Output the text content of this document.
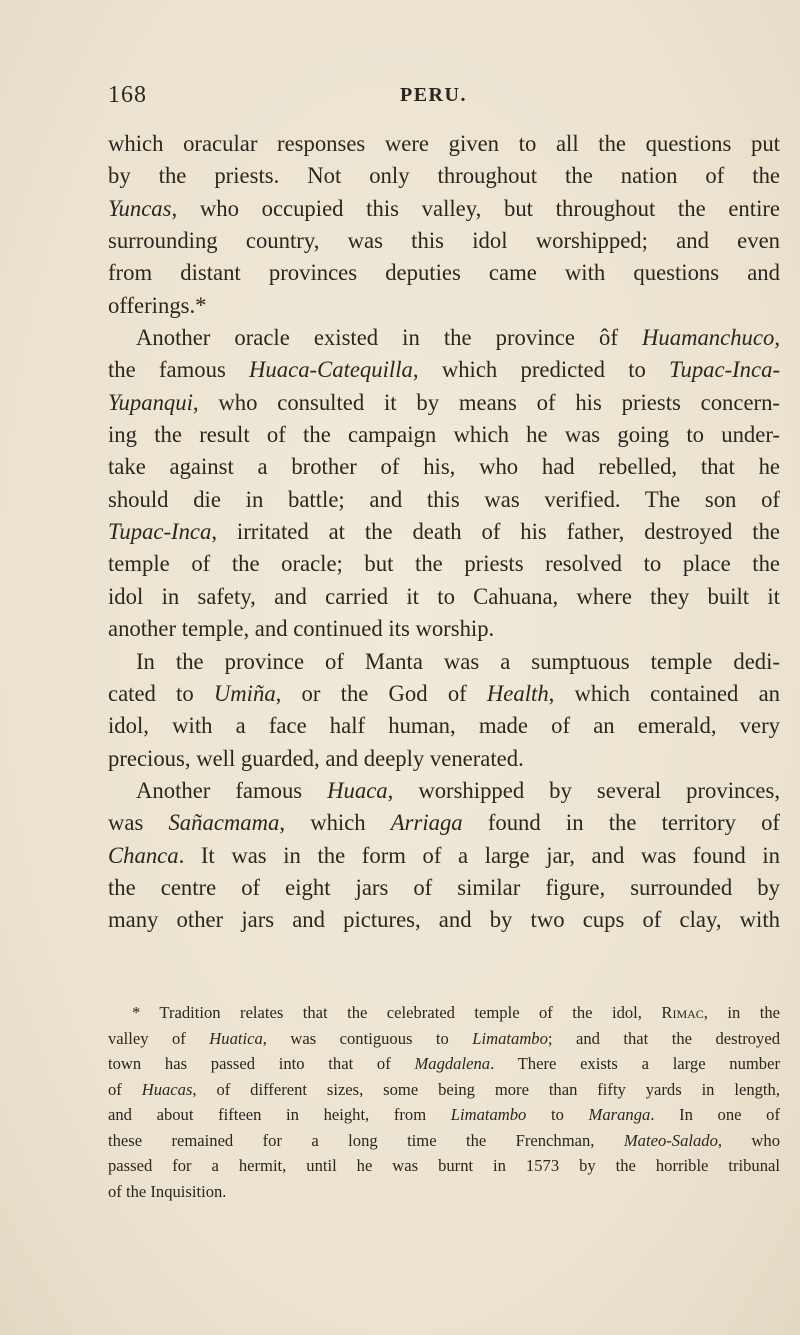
168	PERU.
which oracular responses were given to all the questions put
by the priests. Not only throughout the nation of the
Yuncas, who occupied this valley, but throughout the entire
surrounding country, was this idol worshipped; and even
from distant provinces deputies came with questions and
offerings.*
Another oracle existed in the province ôf Huamanchuco,
the famous Huaca-Catequilla, which predicted to Tupac-Inca-
Yupanqui, who consulted it by means of his priests concern-
ing the result of the campaign which he was going to under-
take against a brother of his, who had rebelled, that he
should die in battle; and this was verified. The son of
Tupac-Inca, irritated at the death of his father, destroyed the
temple of the oracle; but the priests resolved to place the
idol in safety, and carried it to Cahuana, where they built it
another temple, and continued its worship.
In the province of Manta was a sumptuous temple dedi-
cated to Umiña, or the God of Health, which contained an
idol, with a face half human, made of an emerald, very
precious, well guarded, and deeply venerated.
Another famous Huaca, worshipped by several provinces,
was Sañacmama, which Arriaga found in the territory of
Chanca. It was in the form of a large jar, and was found in
the centre of eight jars of similar figure, surrounded by
many other jars and pictures, and by two cups of clay, with
* Tradition relates that the celebrated temple of the idol, Rimac, in the
valley of Huatica, was contiguous to Limatambo; and that the destroyed
town has passed into that of Magdalena. There exists a large number
of Huacas, of different sizes, some being more than fifty yards in length,
and about fifteen in height, from Limatambo to Maranga. In one of
these remained for a long time the Frenchman, Mateo-Salado, who
passed for a hermit, until he was burnt in 1573 by the horrible tribunal
of the Inquisition.
